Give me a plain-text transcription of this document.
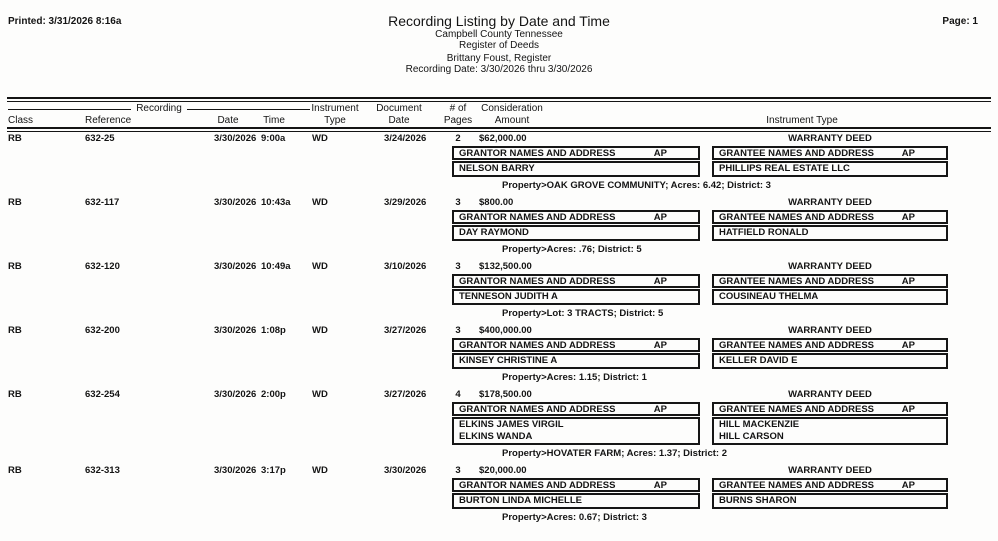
Printed: 3/31/2026 8:16a	Page: 1
Recording Listing by Date and Time
Campbell County Tennessee
Register of Deeds
Brittany Foust, Register
Recording Date: 3/30/2026 thru 3/30/2026
Recording	Instrument Document	# of Consideration
Class	Reference	Date Time	Type	Date	Pages Amount	Instrument Type
RB	632-25	3/30/2026 9:00a	WD	3/24/2026	2	$62,000.00	WARRANTY DEED
GRANTOR NAMES AND ADDRESS	AP
NELSON BARRY
GRANTEE NAMES AND ADDRESS	AP
PHILLIPS REAL ESTATE LLC
Property>OAK GROVE COMMUNITY; Acres: 6.42; District: 3
RB	632-117	3/30/2026 10:43a WD	3/29/2026	3	$800.00	WARRANTY DEED
GRANTOR NAMES AND ADDRESS	AP
DAY RAYMOND
GRANTEE NAMES AND ADDRESS	AP
HATFIELD RONALD
Property>Acres: .76; District: 5
RB	632-120	3/30/2026 10:49a WD	3/10/2026	3	$132,500.00	WARRANTY DEED
GRANTOR NAMES AND ADDRESS	AP
TENNESON JUDITH A
GRANTEE NAMES AND ADDRESS	AP
COUSINEAU THELMA
Property>Lot: 3 TRACTS; District: 5
RB	632-200	3/30/2026 1:08p	WD	3/27/2026	3	$400,000.00	WARRANTY DEED
GRANTOR NAMES AND ADDRESS	AP
KINSEY CHRISTINE A
GRANTEE NAMES AND ADDRESS	AP
KELLER DAVID E
Property>Acres: 1.15; District: 1
RB	632-254	3/30/2026 2:00p	WD	3/27/2026	4	$178,500.00	WARRANTY DEED
GRANTOR NAMES AND ADDRESS	AP
ELKINS JAMES VIRGIL
ELKINS WANDA
GRANTEE NAMES AND ADDRESS	AP
HILL MACKENZIE
HILL CARSON
Property>HOVATER FARM; Acres: 1.37; District: 2
RB	632-313	3/30/2026 3:17p	WD	3/30/2026	3	$20,000.00	WARRANTY DEED
GRANTOR NAMES AND ADDRESS	AP
BURTON LINDA MICHELLE
GRANTEE NAMES AND ADDRESS	AP
BURNS SHARON
Property>Acres: 0.67; District: 3
